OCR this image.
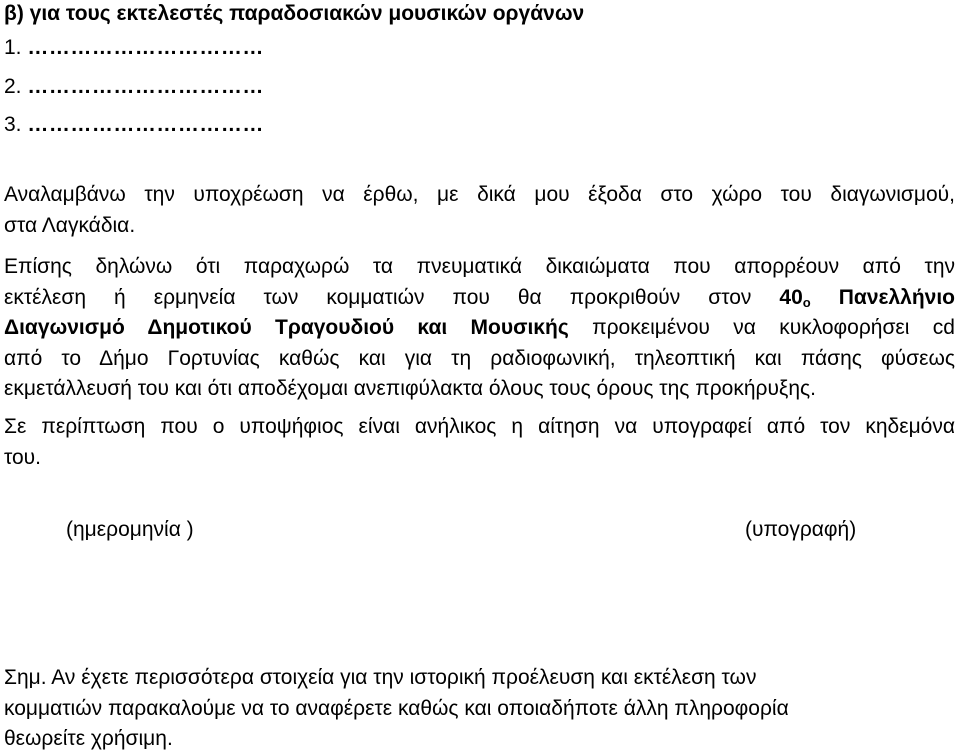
β) για τους εκτελεστές παραδοσιακών μουσικών οργάνων
1. ……………………………
2. ……………………………
3. ……………………………
Αναλαμβάνω την υποχρέωση να έρθω, με δικά μου έξοδα στο χώρο του διαγωνισμού,
στα Λαγκάδια.
Επίσης δηλώνω ότι παραχωρώ τα πνευματικά δικαιώματα που απορρέουν από την
εκτέλεση ή ερμηνεία των κομματιών που θα προκριθούν στον 40ο Πανελλήνιο
Διαγωνισμό Δημοτικού Τραγουδιού και Μουσικής προκειμένου να κυκλοφορήσει cd
από το Δήμο Γορτυνίας καθώς και για τη ραδιοφωνική, τηλεοπτική και πάσης φύσεως
εκμετάλλευσή του και ότι αποδέχομαι ανεπιφύλακτα όλους τους όρους της προκήρυξης.
Σε περίπτωση που ο υποψήφιος είναι ανήλικος η αίτηση να υπογραφεί από τον κηδεμόνα
του.
(ημερομηνία )	(υπογραφή)
Σημ. Αν έχετε περισσότερα στοιχεία για την ιστορική προέλευση και εκτέλεση των
κομματιών παρακαλούμε να το αναφέρετε καθώς και οποιαδήποτε άλλη πληροφορία
θεωρείτε χρήσιμη.
